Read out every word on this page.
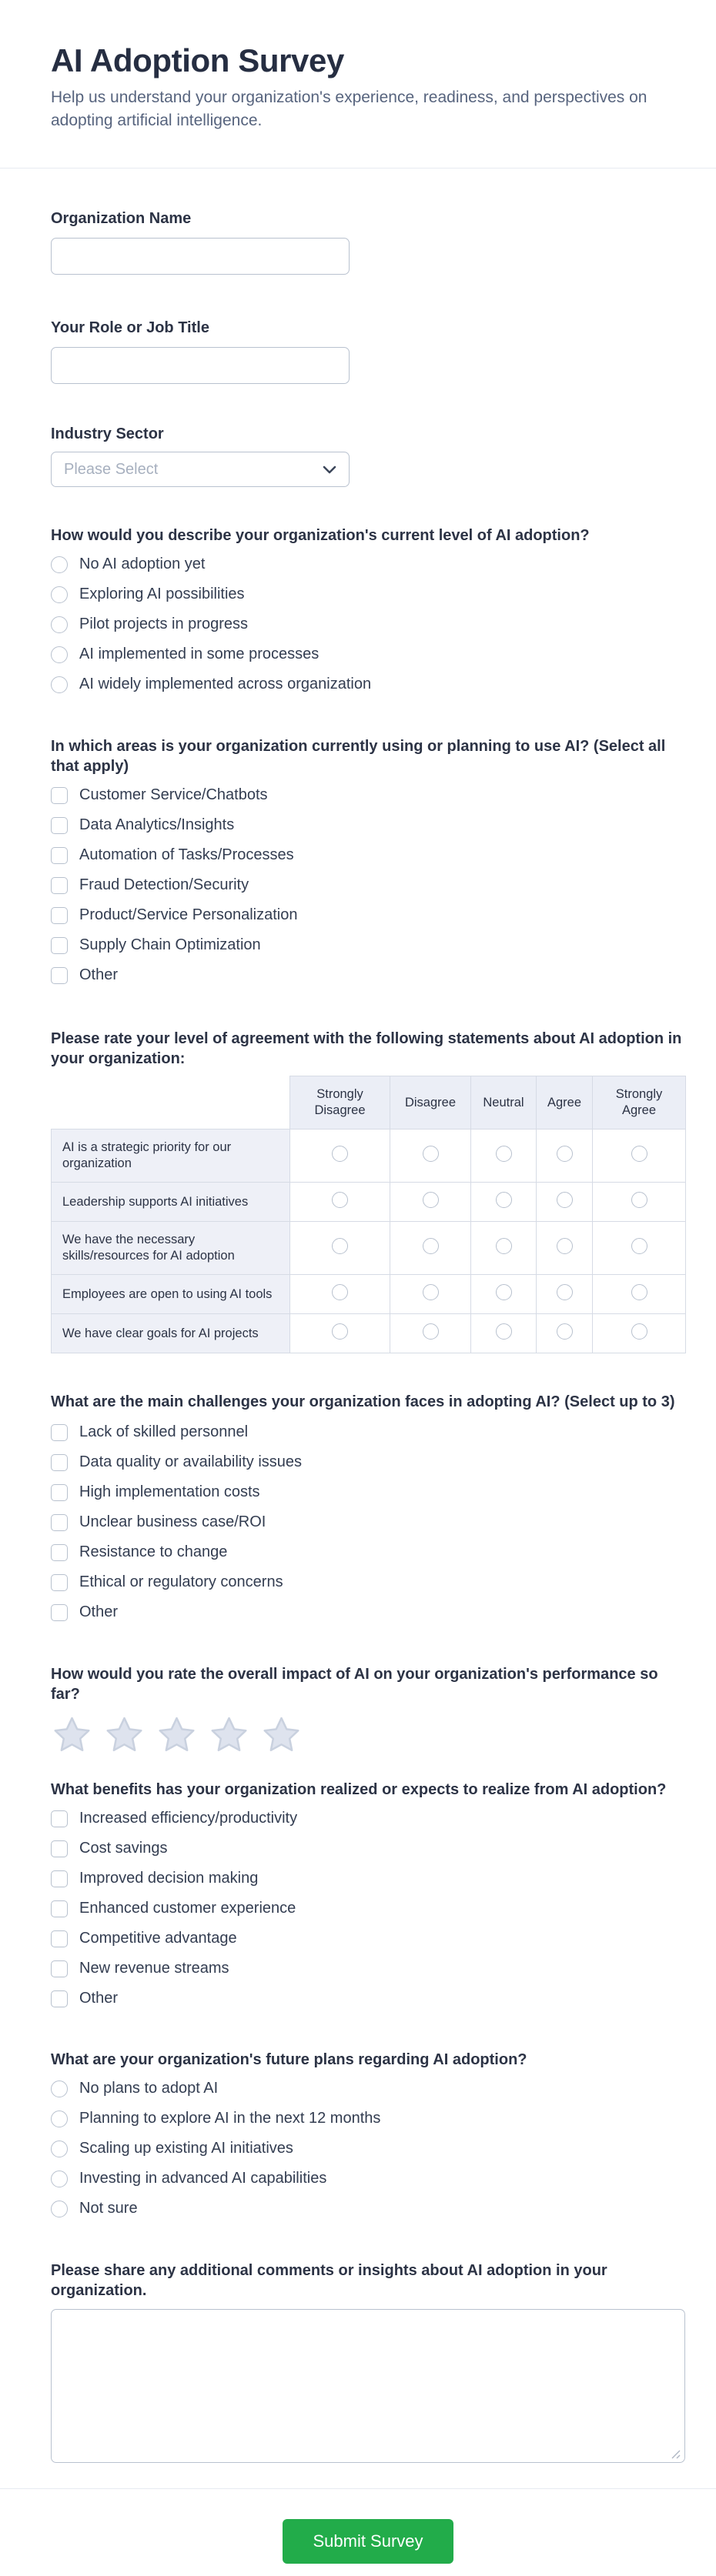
AI Adoption Survey

Help us understand your organization's experience, readiness, and perspectives on adopting artificial intelligence.

Organization Name
Your Role or Job Title
Industry Sector
Please Select
How would you describe your organization's current level of AI adoption?
No AI adoption yet
Exploring AI possibilities
Pilot projects in progress
AI implemented in some processes
AI widely implemented across organization
In which areas is your organization currently using or planning to use AI? (Select all that apply)
Customer Service/Chatbots
Data Analytics/Insights
Automation of Tasks/Processes
Fraud Detection/Security
Product/Service Personalization
Supply Chain Optimization
Other
Please rate your level of agreement with the following statements about AI adoption in your organization:
	Strongly Disagree	Disagree	Neutral	Agree	Strongly Agree
AI is a strategic priority for our organization					
Leadership supports AI initiatives					
We have the necessary skills/resources for AI adoption					
Employees are open to using AI tools					
We have clear goals for AI projects					
What are the main challenges your organization faces in adopting AI? (Select up to 3)
Lack of skilled personnel
Data quality or availability issues
High implementation costs
Unclear business case/ROI
Resistance to change
Ethical or regulatory concerns
Other
How would you rate the overall impact of AI on your organization's performance so far?
What benefits has your organization realized or expects to realize from AI adoption?
Increased efficiency/productivity
Cost savings
Improved decision making
Enhanced customer experience
Competitive advantage
New revenue streams
Other
What are your organization's future plans regarding AI adoption?
No plans to adopt AI
Planning to explore AI in the next 12 months
Scaling up existing AI initiatives
Investing in advanced AI capabilities
Not sure
Please share any additional comments or insights about AI adoption in your organization.
Submit Survey
